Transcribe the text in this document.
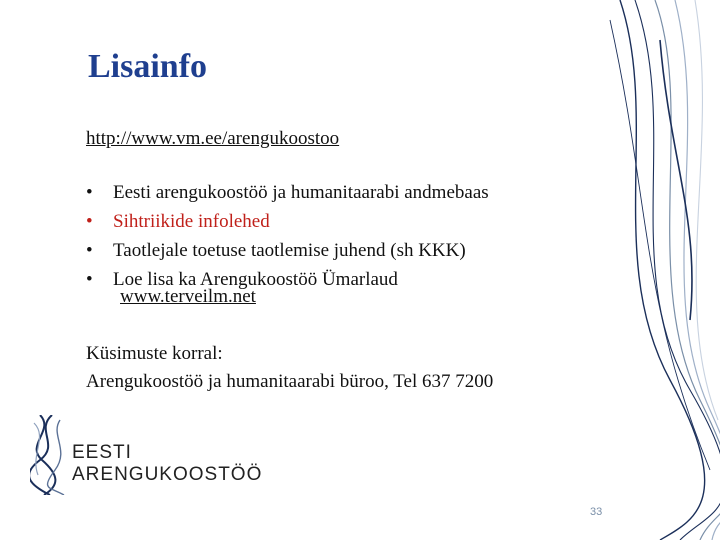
Lisainfo
http://www.vm.ee/arengukoostoo
• Eesti arengukoostöö ja humanitaarabi andmebaas
• Sihtriikide infolehed
• Taotlejale toetuse taotlemise juhend (sh KKK)
• Loe lisa ka Arengukoostöö Ümarlaud
www.terveilm.net
Küsimuste korral:
Arengukoostöö ja humanitaarabi büroo, Tel 637 7200
EESTI
ARENGUKOOSTÖÖ
33
